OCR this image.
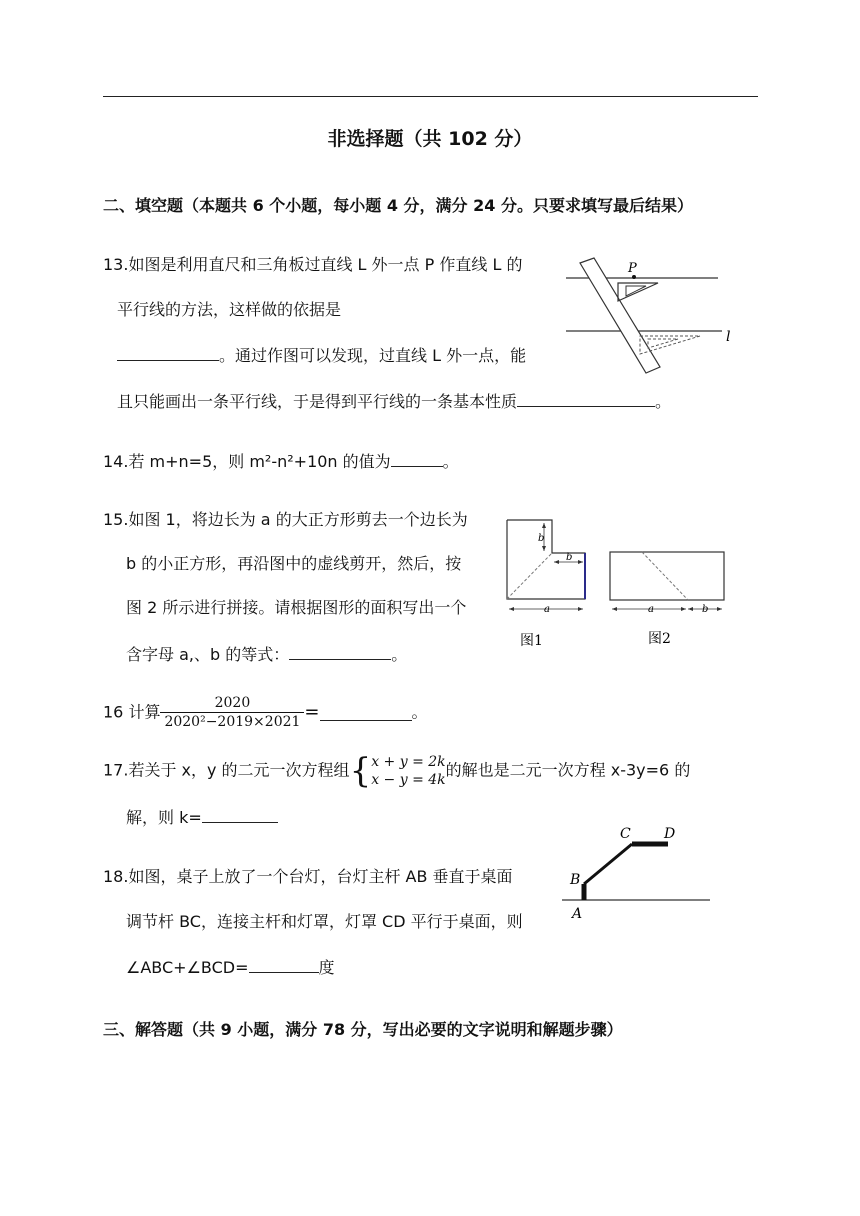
非选择题（共 102 分）
二、填空题（本题共 6 个小题，每小题 4 分，满分 24 分。只要求填写最后结果）
13.如图是利用直尺和三角板过直线 L 外一点 P 作直线 L 的
平行线的方法，这样做的依据是
。通过作图可以发现，过直线 L 外一点，能
且只能画出一条平行线，于是得到平行线的一条基本性质	。
P
l
14.若 m+n=5，则 m²-n²+10n 的值为	。
15.如图 1，将边长为 a 的大正方形剪去一个边长为
b 的小正方形，再沿图中的虚线剪开，然后，按
图 2 所示进行拼接。请根据图形的面积写出一个
含字母 a,、b 的等式：	。
b
b
a
图1
a	b
图2
16 计算 $\frac{2020}{\text{2020²−2019×2021}}$ =	。
17.若关于 x，y 的二元一次方程组{ x + y = 2k
x − y = 4k 的解也是二元一次方程 x-3y=6 的
解，则 k=
18.如图，桌子上放了一个台灯，台灯主杆 AB 垂直于桌面
调节杆 BC，连接主杆和灯罩，灯罩 CD 平行于桌面，则
∠ABC+∠BCD=	度
A
B
C D
三、解答题（共 9 小题，满分 78 分，写出必要的文字说明和解题步骤）
